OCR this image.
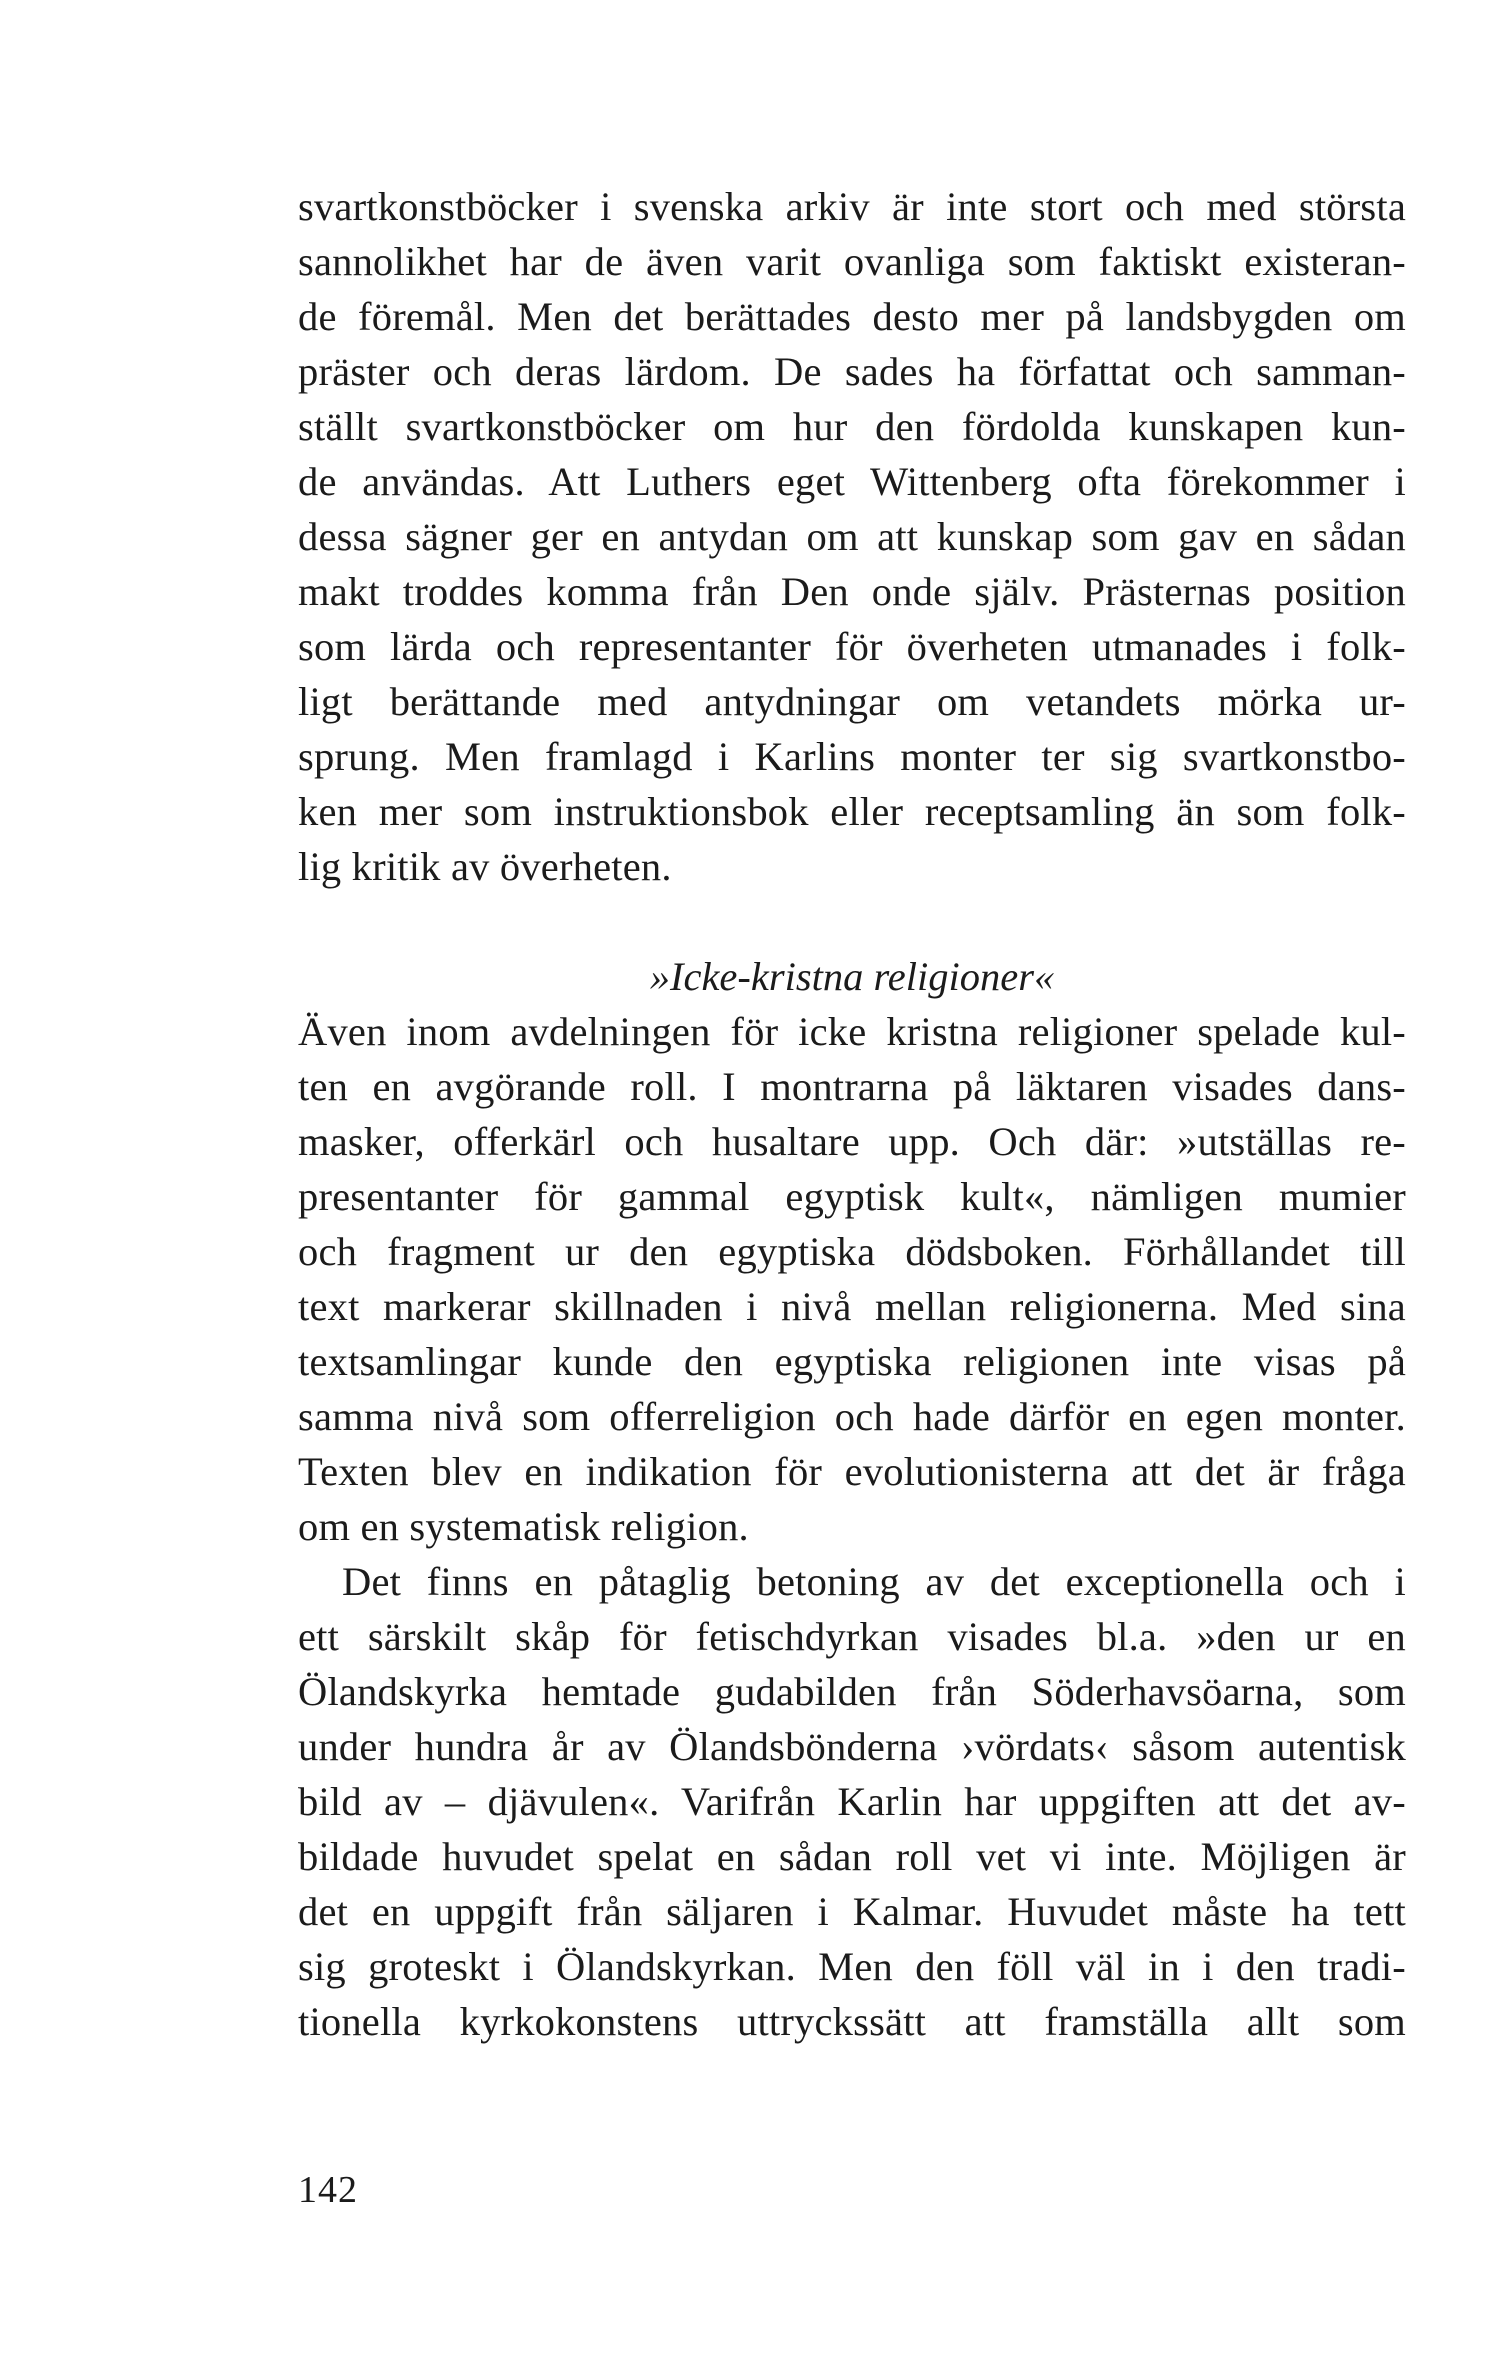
svartkonstböcker i svenska arkiv är inte stort och med största
sannolikhet har de även varit ovanliga som faktiskt existeran-
de föremål. Men det berättades desto mer på landsbygden om
präster och deras lärdom. De sades ha författat och samman-
ställt svartkonstböcker om hur den fördolda kunskapen kun-
de användas. Att Luthers eget Wittenberg ofta förekommer i
dessa sägner ger en antydan om att kunskap som gav en sådan
makt troddes komma från Den onde själv. Prästernas position
som lärda och representanter för överheten utmanades i folk-
ligt berättande med antydningar om vetandets mörka ur-
sprung. Men framlagd i Karlins monter ter sig svartkonstbo-
ken mer som instruktionsbok eller receptsamling än som folk-
lig kritik av överheten.
»Icke-kristna religioner«
Även inom avdelningen för icke kristna religioner spelade kul-
ten en avgörande roll. I montrarna på läktaren visades dans-
masker, offerkärl och husaltare upp. Och där: »utställas re-
presentanter för gammal egyptisk kult«, nämligen mumier
och fragment ur den egyptiska dödsboken. Förhållandet till
text markerar skillnaden i nivå mellan religionerna. Med sina
textsamlingar kunde den egyptiska religionen inte visas på
samma nivå som offerreligion och hade därför en egen monter.
Texten blev en indikation för evolutionisterna att det är fråga
om en systematisk religion.
Det finns en påtaglig betoning av det exceptionella och i
ett särskilt skåp för fetischdyrkan visades bl.a. »den ur en
Ölandskyrka hemtade gudabilden från Söderhavsöarna, som
under hundra år av Ölandsbönderna ›vördats‹ såsom autentisk
bild av – djävulen«. Varifrån Karlin har uppgiften att det av-
bildade huvudet spelat en sådan roll vet vi inte. Möjligen är
det en uppgift från säljaren i Kalmar. Huvudet måste ha tett
sig groteskt i Ölandskyrkan. Men den föll väl in i den tradi-
tionella kyrkokonstens uttryckssätt att framställa allt som
142
